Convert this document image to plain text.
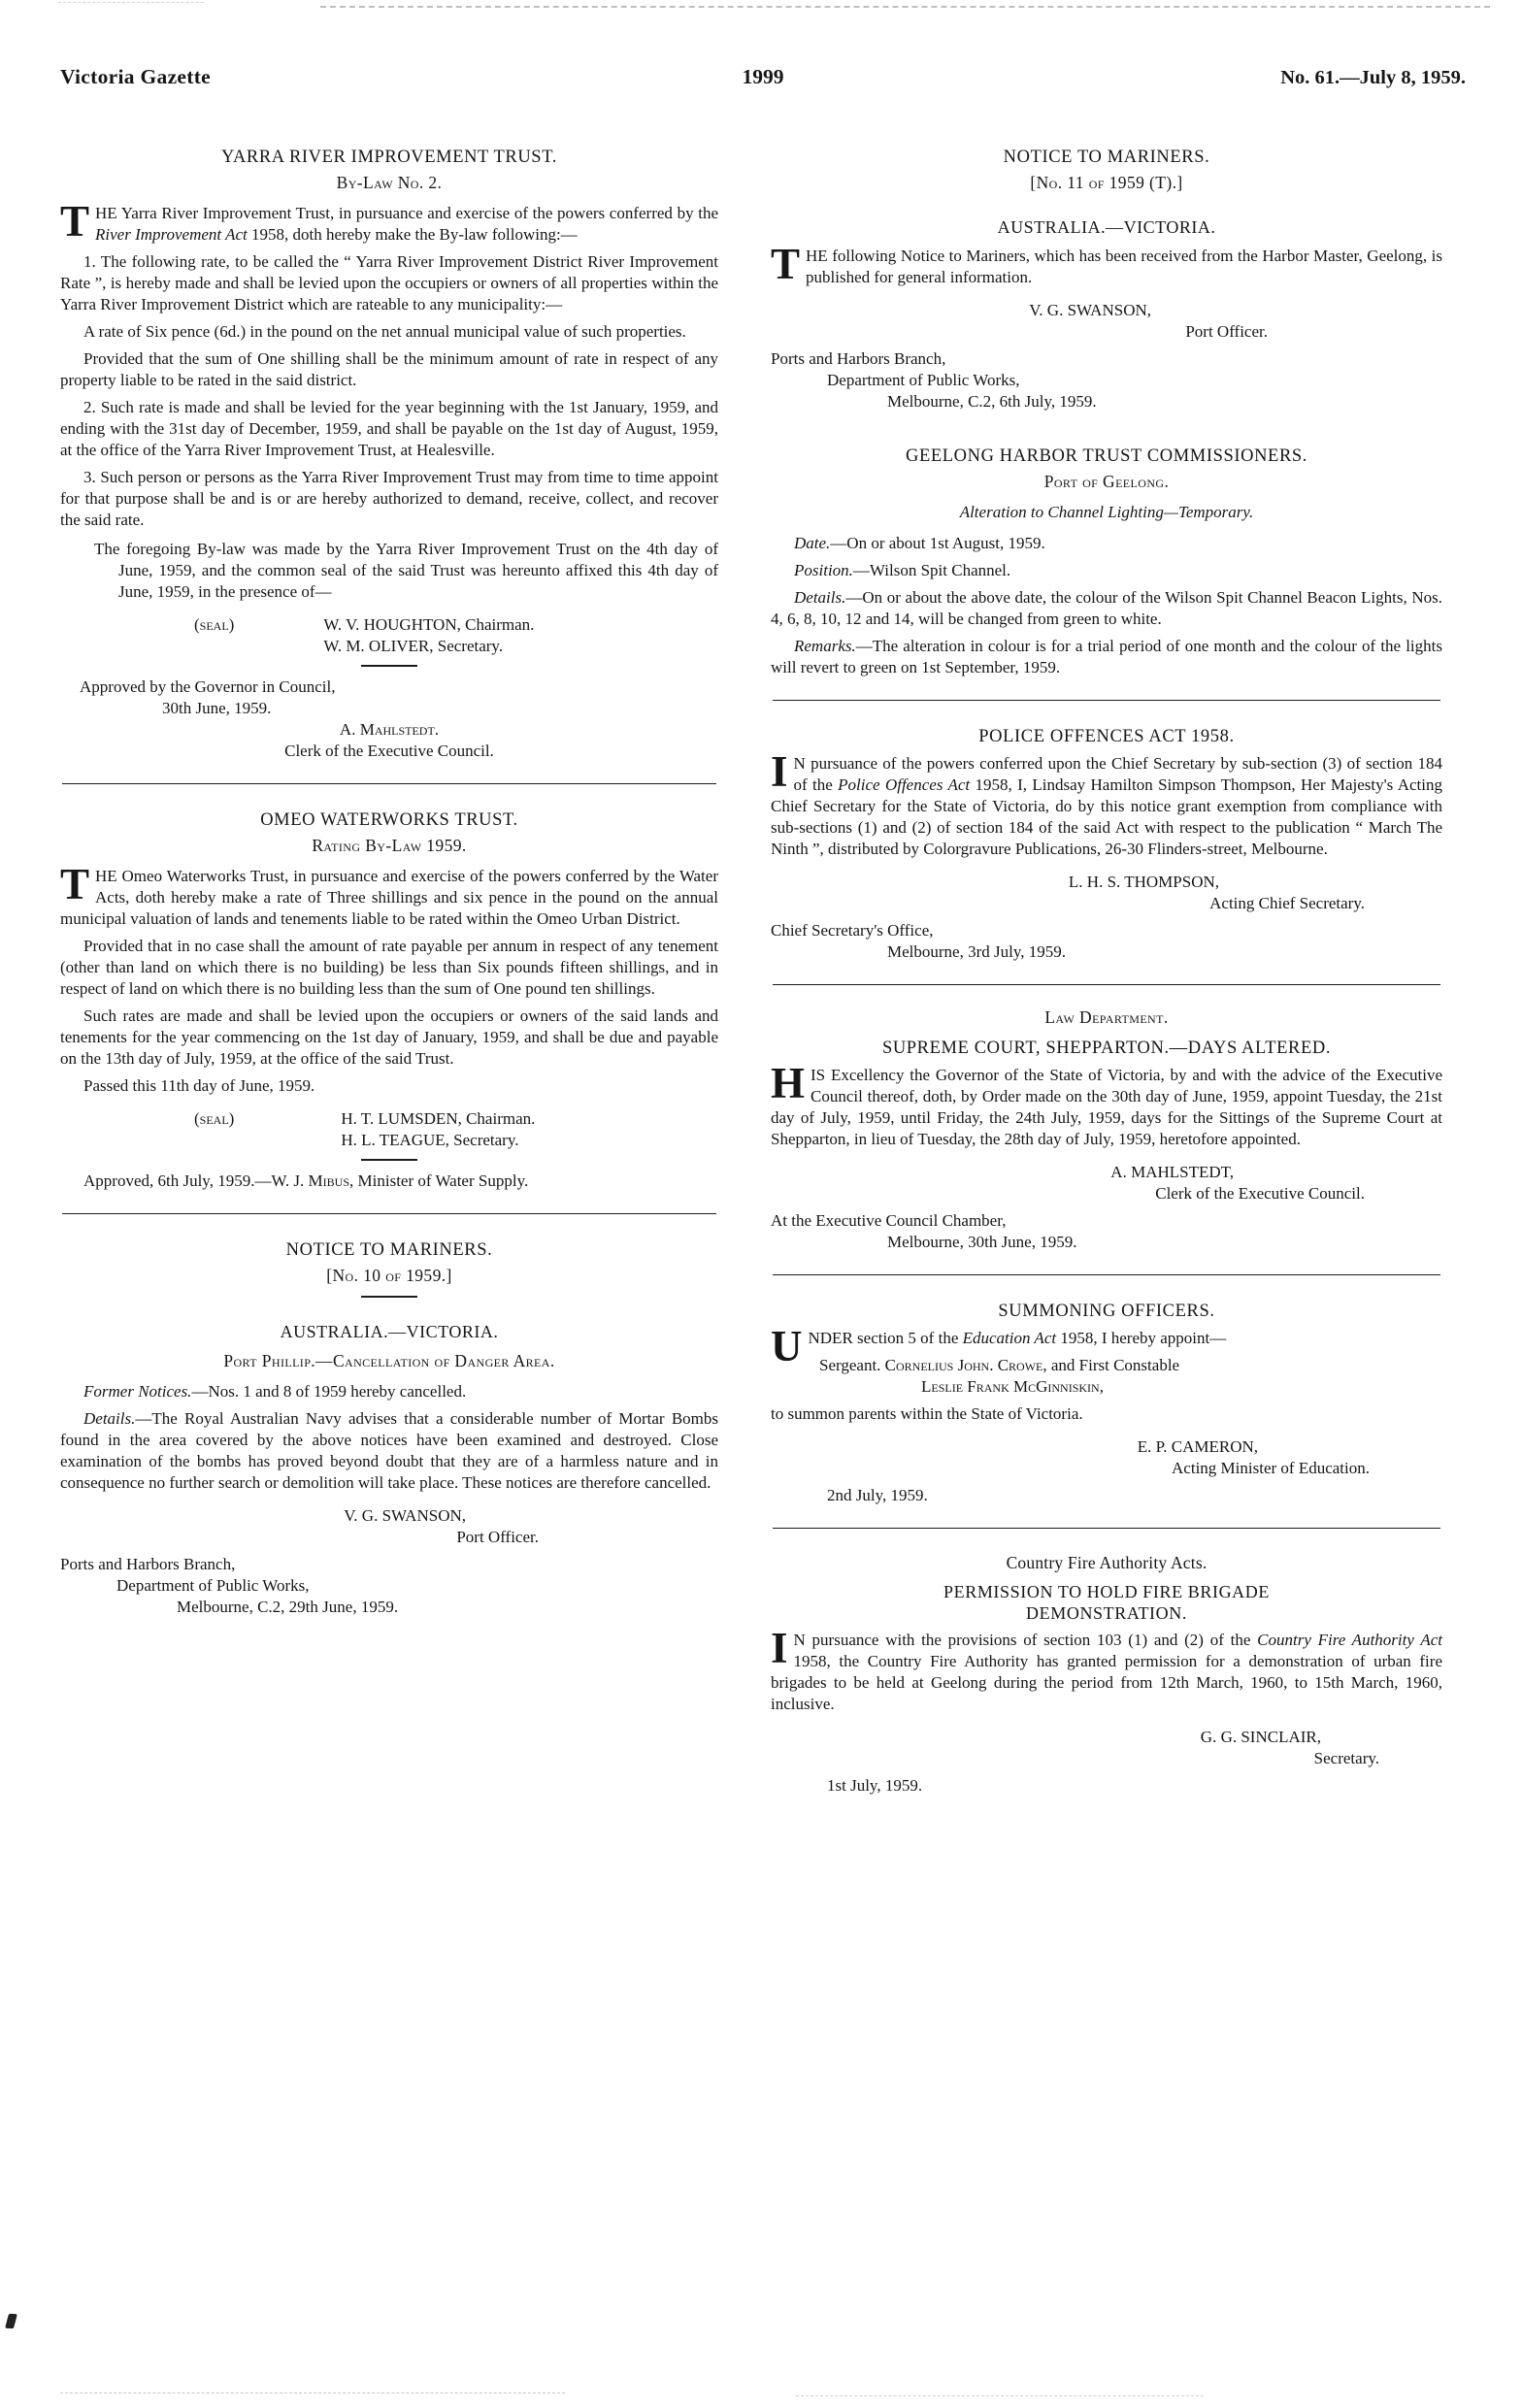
Victoria Gazette	1999	No. 61.—July 8, 1959.
YARRA RIVER IMPROVEMENT TRUST.
By-Law No. 2.

T HE Yarra River Improvement Trust, in pursuance and exercise of the powers conferred by the River Improvement Act 1958, doth hereby make the By-law following:—

1. The following rate, to be called the “ Yarra River Improvement District River Improvement Rate ”, is hereby made and shall be levied upon the occupiers or owners of all properties within the Yarra River Improvement District which are rateable to any municipality:—

A rate of Six pence (6d.) in the pound on the net annual municipal value of such properties.

Provided that the sum of One shilling shall be the minimum amount of rate in respect of any property liable to be rated in the said district.

2. Such rate is made and shall be levied for the year beginning with the 1st January, 1959, and ending with the 31st day of December, 1959, and shall be payable on the 1st day of August, 1959, at the office of the Yarra River Improvement Trust, at Healesville.

3. Such person or persons as the Yarra River Improvement Trust may from time to time appoint for that purpose shall be and is or are hereby authorized to demand, receive, collect, and recover the said rate.

The foregoing By-law was made by the Yarra River Improvement Trust on the 4th day of June, 1959, and the common seal of the said Trust was hereunto affixed this 4th day of June, 1959, in the presence of—

(seal)	W. V. HOUGHTON, Chairman.
W. M. OLIVER, Secretary.
Approved by the Governor in Council,
30th June, 1959.
A. Mahlstedt.
Clerk of the Executive Council.
OMEO WATERWORKS TRUST.
Rating By-Law 1959.

T HE Omeo Waterworks Trust, in pursuance and exercise of the powers conferred by the Water Acts, doth hereby make a rate of Three shillings and six pence in the pound on the annual municipal valuation of lands and tenements liable to be rated within the Omeo Urban District.

Provided that in no case shall the amount of rate payable per annum in respect of any tenement (other than land on which there is no building) be less than Six pounds fifteen shillings, and in respect of land on which there is no building less than the sum of One pound ten shillings.

Such rates are made and shall be levied upon the occupiers or owners of the said lands and tenements for the year commencing on the 1st day of January, 1959, and shall be due and payable on the 13th day of July, 1959, at the office of the said Trust.

Passed this 11th day of June, 1959.

(seal)	H. T. LUMSDEN, Chairman.
H. L. TEAGUE, Secretary.

Approved, 6th July, 1959.—W. J. Mibus, Minister of Water Supply.

NOTICE TO MARINERS.
[No. 10 of 1959.]
AUSTRALIA.—VICTORIA.
Port Phillip.—Cancellation of Danger Area.

Former Notices.—Nos. 1 and 8 of 1959 hereby cancelled.

Details.—The Royal Australian Navy advises that a considerable number of Mortar Bombs found in the area covered by the above notices have been examined and destroyed. Close examination of the bombs has proved beyond doubt that they are of a harmless nature and in consequence no further search or demolition will take place. These notices are therefore cancelled.

V. G. SWANSON,
Port Officer.
Ports and Harbors Branch,
Department of Public Works,
Melbourne, C.2, 29th June, 1959.
NOTICE TO MARINERS.
[No. 11 of 1959 (T).]
AUSTRALIA.—VICTORIA.

T HE following Notice to Mariners, which has been received from the Harbor Master, Geelong, is published for general information.

V. G. SWANSON,
Port Officer.
Ports and Harbors Branch,
Department of Public Works,
Melbourne, C.2, 6th July, 1959.
GEELONG HARBOR TRUST COMMISSIONERS.
Port of Geelong.
Alteration to Channel Lighting—Temporary.

Date.—On or about 1st August, 1959.

Position.—Wilson Spit Channel.

Details.—On or about the above date, the colour of the Wilson Spit Channel Beacon Lights, Nos. 4, 6, 8, 10, 12 and 14, will be changed from green to white.

Remarks.—The alteration in colour is for a trial period of one month and the colour of the lights will revert to green on 1st September, 1959.

POLICE OFFENCES ACT 1958.

I N pursuance of the powers conferred upon the Chief Secretary by sub-section (3) of section 184 of the Police Offences Act 1958, I, Lindsay Hamilton Simpson Thompson, Her Majesty's Acting Chief Secretary for the State of Victoria, do by this notice grant exemption from compliance with sub-sections (1) and (2) of section 184 of the said Act with respect to the publication “ March The Ninth ”, distributed by Colorgravure Publications, 26-30 Flinders-street, Melbourne.

L. H. S. THOMPSON,
Acting Chief Secretary.
Chief Secretary's Office,
Melbourne, 3rd July, 1959.
Law Department.
SUPREME COURT, SHEPPARTON.—DAYS ALTERED.

H IS Excellency the Governor of the State of Victoria, by and with the advice of the Executive Council thereof, doth, by Order made on the 30th day of June, 1959, appoint Tuesday, the 21st day of July, 1959, until Friday, the 24th July, 1959, days for the Sittings of the Supreme Court at Shepparton, in lieu of Tuesday, the 28th day of July, 1959, heretofore appointed.

A. MAHLSTEDT,
Clerk of the Executive Council.
At the Executive Council Chamber,
Melbourne, 30th June, 1959.
SUMMONING OFFICERS.

U NDER section 5 of the Education Act 1958, I hereby appoint—

Sergeant. Cornelius John. Crowe, and First Constable
Leslie Frank McGinniskin,

to summon parents within the State of Victoria.

E. P. CAMERON,
Acting Minister of Education.
2nd July, 1959.
Country Fire Authority Acts.
PERMISSION TO HOLD FIRE BRIGADE DEMONSTRATION.

I N pursuance with the provisions of section 103 (1) and (2) of the Country Fire Authority Act 1958, the Country Fire Authority has granted permission for a demonstration of urban fire brigades to be held at Geelong during the period from 12th March, 1960, to 15th March, 1960, inclusive.

G. G. SINCLAIR,
Secretary.
1st July, 1959.
